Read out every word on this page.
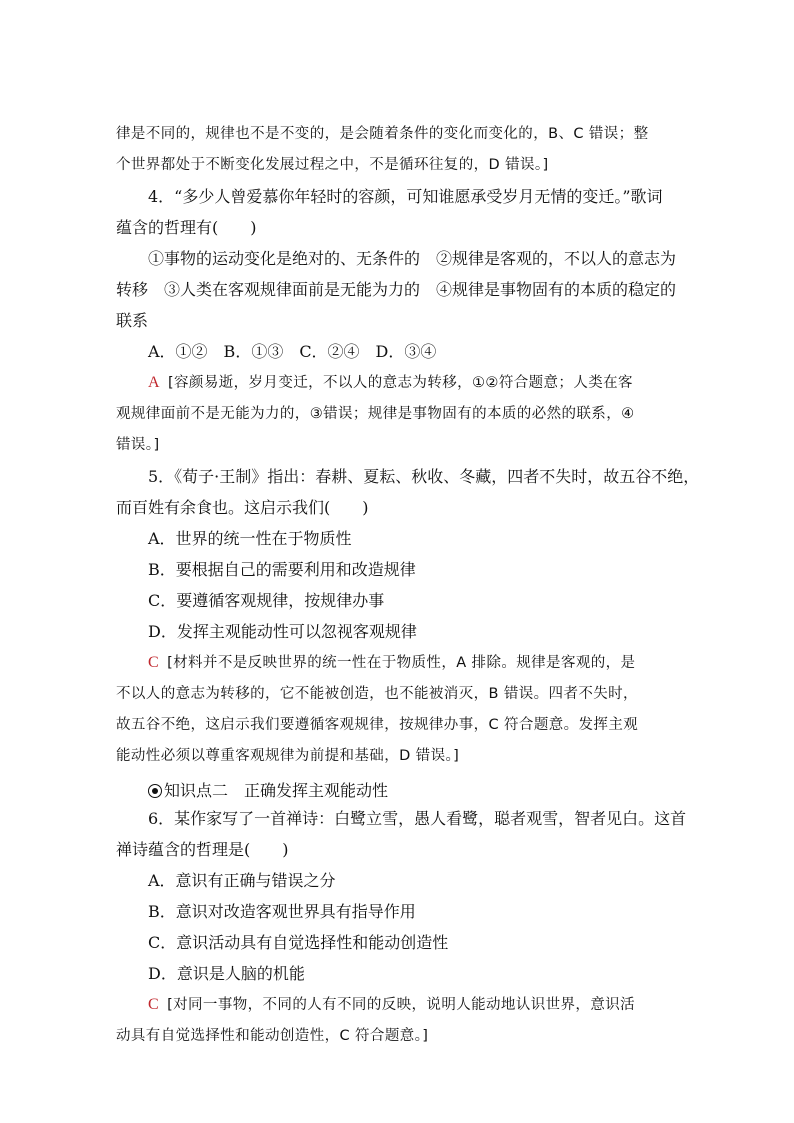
律是不同的，规律也不是不变的，是会随着条件的变化而变化的，B、C 错误；整
个世界都处于不断变化发展过程之中，不是循环往复的，D 错误。]
4．“多少人曾爱慕你年轻时的容颜，可知谁愿承受岁月无情的变迁。”歌词
蕴含的哲理有(　　)
①事物的运动变化是绝对的、无条件的　②规律是客观的，不以人的意志为
转移　③人类在客观规律面前是无能为力的　④规律是事物固有的本质的稳定的
联系
A．①②　B．①③　C．②④　D．③④
A [容颜易逝，岁月变迁，不以人的意志为转移，①②符合题意；人类在客
观规律面前不是无能为力的，③错误；规律是事物固有的本质的必然的联系，④
错误。]
5．《荀子·王制》指出：春耕、夏耘、秋收、冬藏，四者不失时，故五谷不绝，
而百姓有余食也。这启示我们(　　)
A．世界的统一性在于物质性
B．要根据自己的需要利用和改造规律
C．要遵循客观规律，按规律办事
D．发挥主观能动性可以忽视客观规律
C [材料并不是反映世界的统一性在于物质性，A 排除。规律是客观的，是
不以人的意志为转移的，它不能被创造，也不能被消灭，B 错误。四者不失时，
故五谷不绝，这启示我们要遵循客观规律，按规律办事，C 符合题意。发挥主观
能动性必须以尊重客观规律为前提和基础，D 错误。]
知识点二　正确发挥主观能动性
6．某作家写了一首禅诗：白鹭立雪，愚人看鹭，聪者观雪，智者见白。这首
禅诗蕴含的哲理是(　　)
A．意识有正确与错误之分
B．意识对改造客观世界具有指导作用
C．意识活动具有自觉选择性和能动创造性
D．意识是人脑的机能
C [对同一事物，不同的人有不同的反映，说明人能动地认识世界，意识活
动具有自觉选择性和能动创造性，C 符合题意。]
